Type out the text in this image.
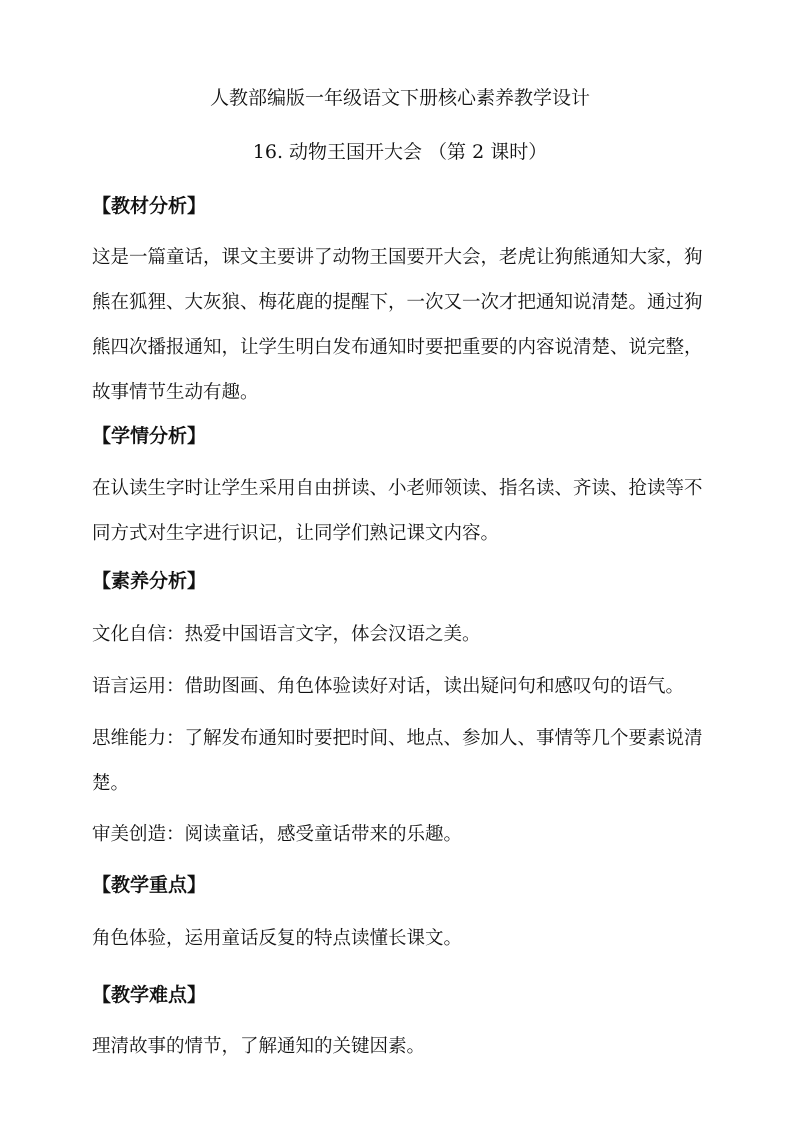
人教部编版一年级语文下册核心素养教学设计
16. 动物王国开大会 （第 2 课时）
【教材分析】

这是一篇童话，课文主要讲了动物王国要开大会，老虎让狗熊通知大家，狗
熊在狐狸、大灰狼、梅花鹿的提醒下，一次又一次才把通知说清楚。通过狗
熊四次播报通知，让学生明白发布通知时要把重要的内容说清楚、说完整，
故事情节生动有趣。

【学情分析】

在认读生字时让学生采用自由拼读、小老师领读、指名读、齐读、抢读等不
同方式对生字进行识记，让同学们熟记课文内容。

【素养分析】

文化自信：热爱中国语言文字，体会汉语之美。

语言运用：借助图画、角色体验读好对话，读出疑问句和感叹句的语气。

思维能力：了解发布通知时要把时间、地点、参加人、事情等几个要素说清
楚。

审美创造：阅读童话，感受童话带来的乐趣。

【教学重点】

角色体验，运用童话反复的特点读懂长课文。

【教学难点】

理清故事的情节，了解通知的关键因素。
